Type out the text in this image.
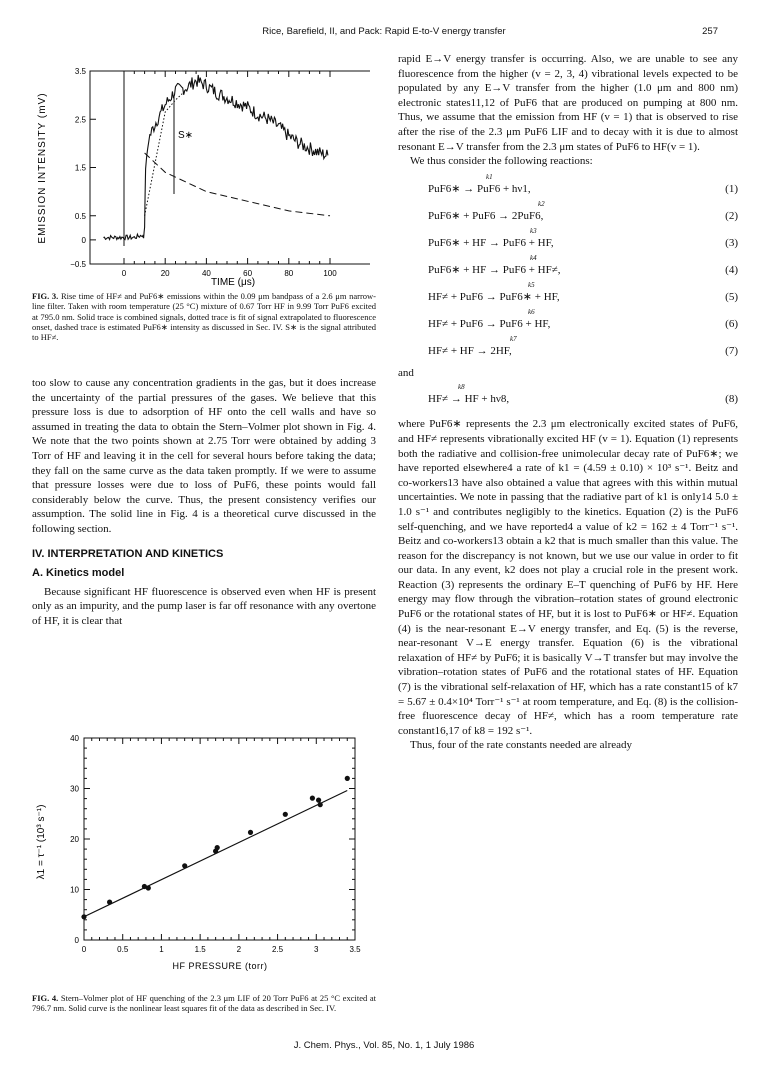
Rice, Barefield, II, and Pack: Rapid E-to-V energy transfer	257
3.5
2.5
1.5
0.5
0
−0.5
0	20	40	60	80	100
S∗
EMISSION INTENSITY (mV)
TIME (μs)
FIG. 3. Rise time of HF≠ and PuF6∗ emissions within the 0.09 μm bandpass of a 2.6 μm narrow-line filter. Taken with room temperature (25 °C) mixture of 0.67 Torr HF in 9.99 Torr PuF6 excited at 795.0 nm. Solid trace is combined signals, dotted trace is fit of signal extrapolated to fluorescence onset, dashed trace is estimated PuF6∗ intensity as discussed in Sec. IV. S∗ is the signal attributed to HF≠.

too slow to cause any concentration gradients in the gas, but it does increase the uncertainty of the partial pressures of the gases. We believe that this pressure loss is due to adsorption of HF onto the cell walls and have so assumed in treating the data to obtain the Stern–Volmer plot shown in Fig. 4. We note that the two points shown at 2.75 Torr were obtained by adding 3 Torr of HF and leaving it in the cell for several hours before taking the data; they fall on the same curve as the data taken promptly. If we were to assume that pressure losses were due to loss of PuF6, these points would fall considerably below the curve. Thus, the present consistency verifies our assumption. The solid line in Fig. 4 is a theoretical curve discussed in the following section.

IV. INTERPRETATION AND KINETICS
A. Kinetics model

Because significant HF fluorescence is observed even when HF is present only as an impurity, and the pump laser is far off resonance with any overtone of HF, it is clear that

40
30
20
10
0
0	0.5	1	1.5	2	2.5	3	3.5
λ1 = τ⁻¹ (10³ s⁻¹)
HF PRESSURE (torr)
FIG. 4. Stern–Volmer plot of HF quenching of the 2.3 μm LIF of 20 Torr PuF6 at 25 °C excited at 796.7 nm. Solid curve is the nonlinear least squares fit of the data as described in Sec. IV.

rapid E→V energy transfer is occurring. Also, we are unable to see any fluorescence from the higher (v = 2, 3, 4) vibrational levels expected to be populated by any E→V transfer from the higher (1.0 μm and 800 nm) electronic states11,12 of PuF6 that are produced on pumping at 800 nm. Thus, we assume that the emission from HF (v = 1) that is observed to rise after the rise of the 2.3 μm PuF6 LIF and to decay with it is due to almost resonant E→V transfer from the 2.3 μm states of PuF6 to HF(v = 1).

We thus consider the following reactions:

k1
PuF6∗ → PuF6 + hν1,	(1)
k2
PuF6∗ + PuF6 → 2PuF6,	(2)
k3
PuF6∗ + HF → PuF6 + HF,	(3)
k4
PuF6∗ + HF → PuF6 + HF≠,	(4)
k5
HF≠ + PuF6 → PuF6∗ + HF,	(5)
k6
HF≠ + PuF6 → PuF6 + HF,	(6)
k7
HF≠ + HF → 2HF,	(7)

and

k8
HF≠ → HF + hν8,	(8)

where PuF6∗ represents the 2.3 μm electronically excited states of PuF6, and HF≠ represents vibrationally excited HF (v = 1). Equation (1) represents both the radiative and collision-free unimolecular decay rate of PuF6∗; we have reported elsewhere4 a rate of k1 = (4.59 ± 0.10) × 10³ s⁻¹. Beitz and co-workers13 have also obtained a value that agrees with this within mutual uncertainties. We note in passing that the radiative part of k1 is only14 5.0 ± 1.0 s⁻¹ and contributes negligibly to the kinetics. Equation (2) is the PuF6 self-quenching, and we have reported4 a value of k2 = 162 ± 4 Torr⁻¹ s⁻¹. Beitz and co-workers13 obtain a k2 that is much smaller than this value. The reason for the discrepancy is not known, but we use our value in order to fit our data. In any event, k2 does not play a crucial role in the present work. Reaction (3) represents the ordinary E–T quenching of PuF6 by HF. Here energy may flow through the vibration–rotation states of ground electronic PuF6 or the rotational states of HF, but it is lost to PuF6∗ or HF≠. Equation (4) is the near-resonant E→V energy transfer, and Eq. (5) is the reverse, near-resonant V→E energy transfer. Equation (6) is the vibrational relaxation of HF≠ by PuF6; it is basically V→T transfer but may involve the vibration–rotation states of PuF6 and the rotational states of HF. Equation (7) is the vibrational self-relaxation of HF, which has a rate constant15 of k7 = 5.67 ± 0.4×10⁴ Torr⁻¹ s⁻¹ at room temperature, and Eq. (8) is the collision-free fluorescence decay of HF≠, which has a room temperature rate constant16,17 of k8 = 192 s⁻¹.

Thus, four of the rate constants needed are already

J. Chem. Phys., Vol. 85, No. 1, 1 July 1986
